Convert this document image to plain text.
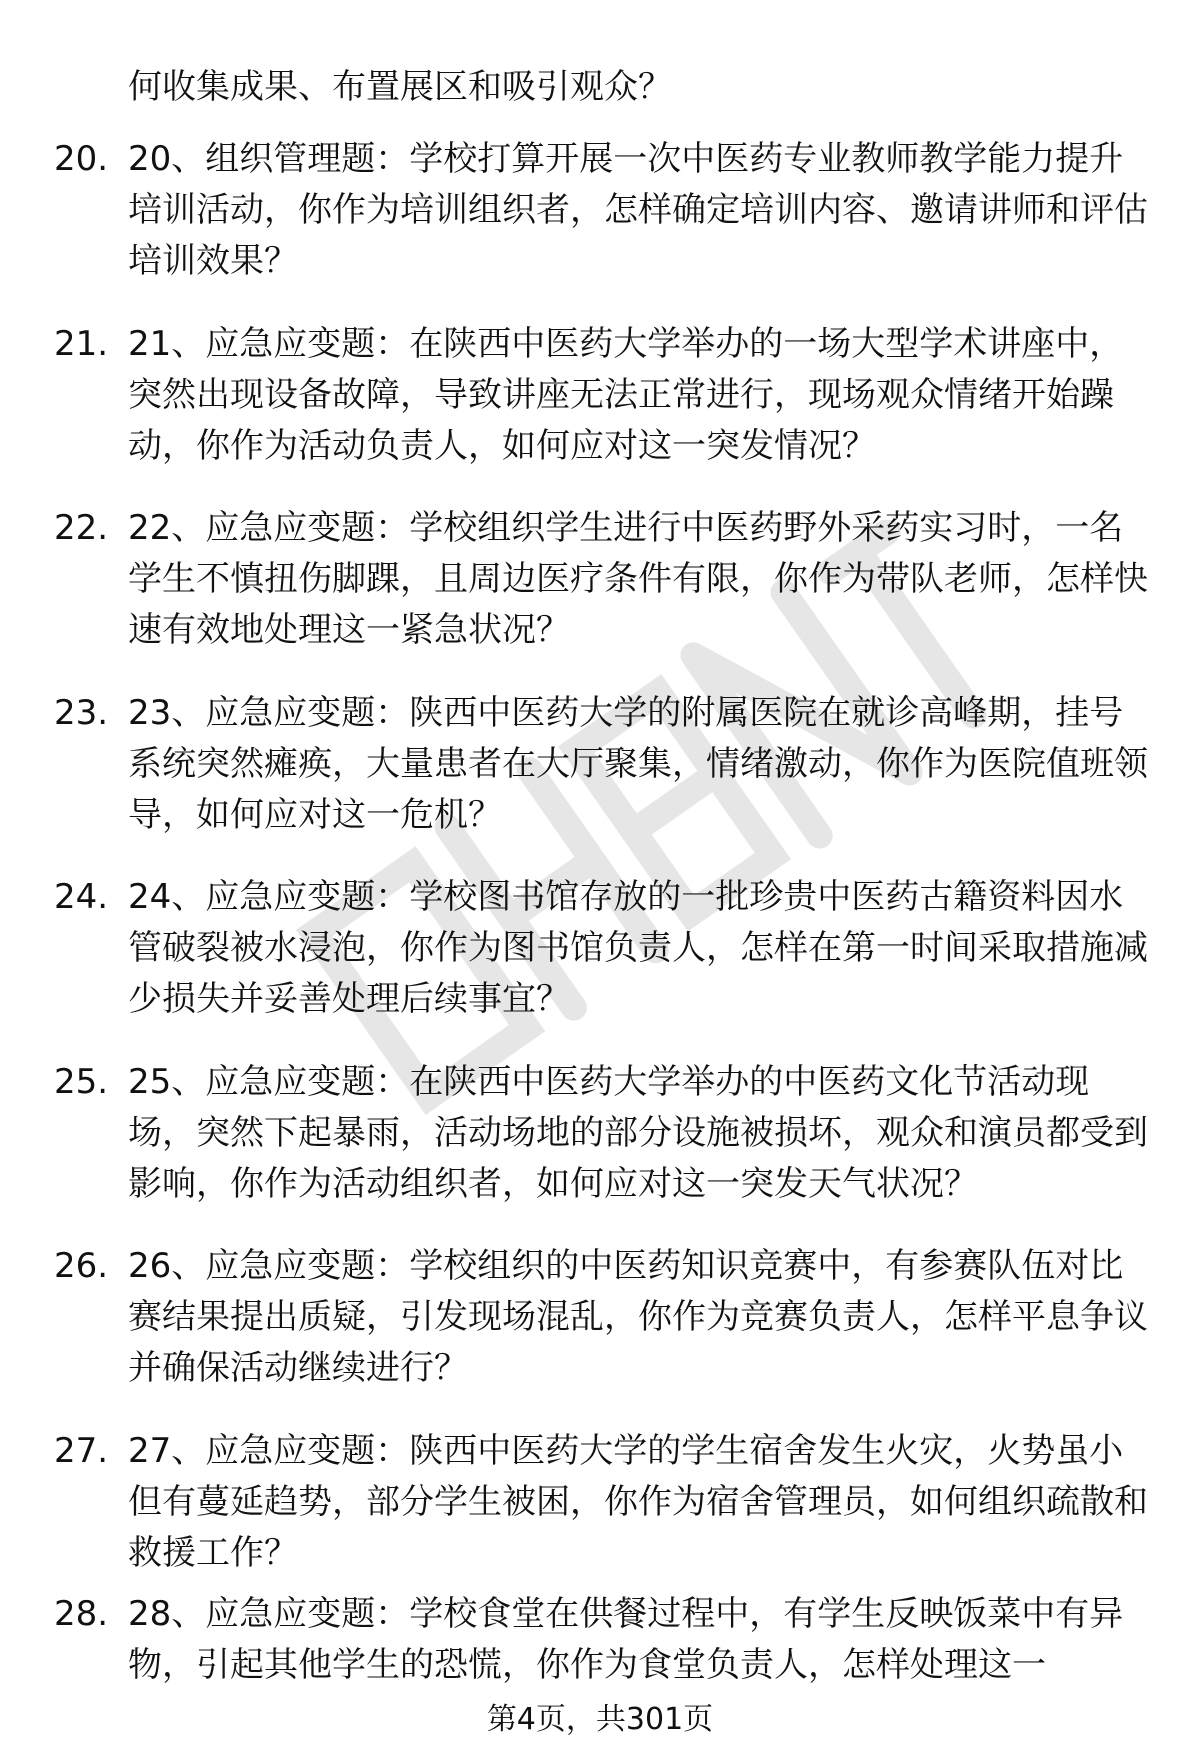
何收集成果、布置展区和吸引观众？
20. 20、组织管理题：学校打算开展一次中医药专业教师教学能力提升培训活动，你作为培训组织者，怎样确定培训内容、邀请讲师和评估培训效果？
21. 21、应急应变题：在陕西中医药大学举办的一场大型学术讲座中，突然出现设备故障，导致讲座无法正常进行，现场观众情绪开始躁动，你作为活动负责人，如何应对这一突发情况？
22. 22、应急应变题：学校组织学生进行中医药野外采药实习时，一名学生不慎扭伤脚踝，且周边医疗条件有限，你作为带队老师，怎样快速有效地处理这一紧急状况？
23. 23、应急应变题：陕西中医药大学的附属医院在就诊高峰期，挂号系统突然瘫痪，大量患者在大厅聚集，情绪激动，你作为医院值班领导，如何应对这一危机？
24. 24、应急应变题：学校图书馆存放的一批珍贵中医药古籍资料因水管破裂被水浸泡，你作为图书馆负责人，怎样在第一时间采取措施减少损失并妥善处理后续事宜？
25. 25、应急应变题：在陕西中医药大学举办的中医药文化节活动现场，突然下起暴雨，活动场地的部分设施被损坏，观众和演员都受到影响，你作为活动组织者，如何应对这一突发天气状况？
26. 26、应急应变题：学校组织的中医药知识竞赛中，有参赛队伍对比赛结果提出质疑，引发现场混乱，你作为竞赛负责人，怎样平息争议并确保活动继续进行？
27. 27、应急应变题：陕西中医药大学的学生宿舍发生火灾，火势虽小但有蔓延趋势，部分学生被困，你作为宿舍管理员，如何组织疏散和救援工作？
28. 28、应急应变题：学校食堂在供餐过程中，有学生反映饭菜中有异物，引起其他学生的恐慌，你作为食堂负责人，怎样处理这一
第4页，共301页
